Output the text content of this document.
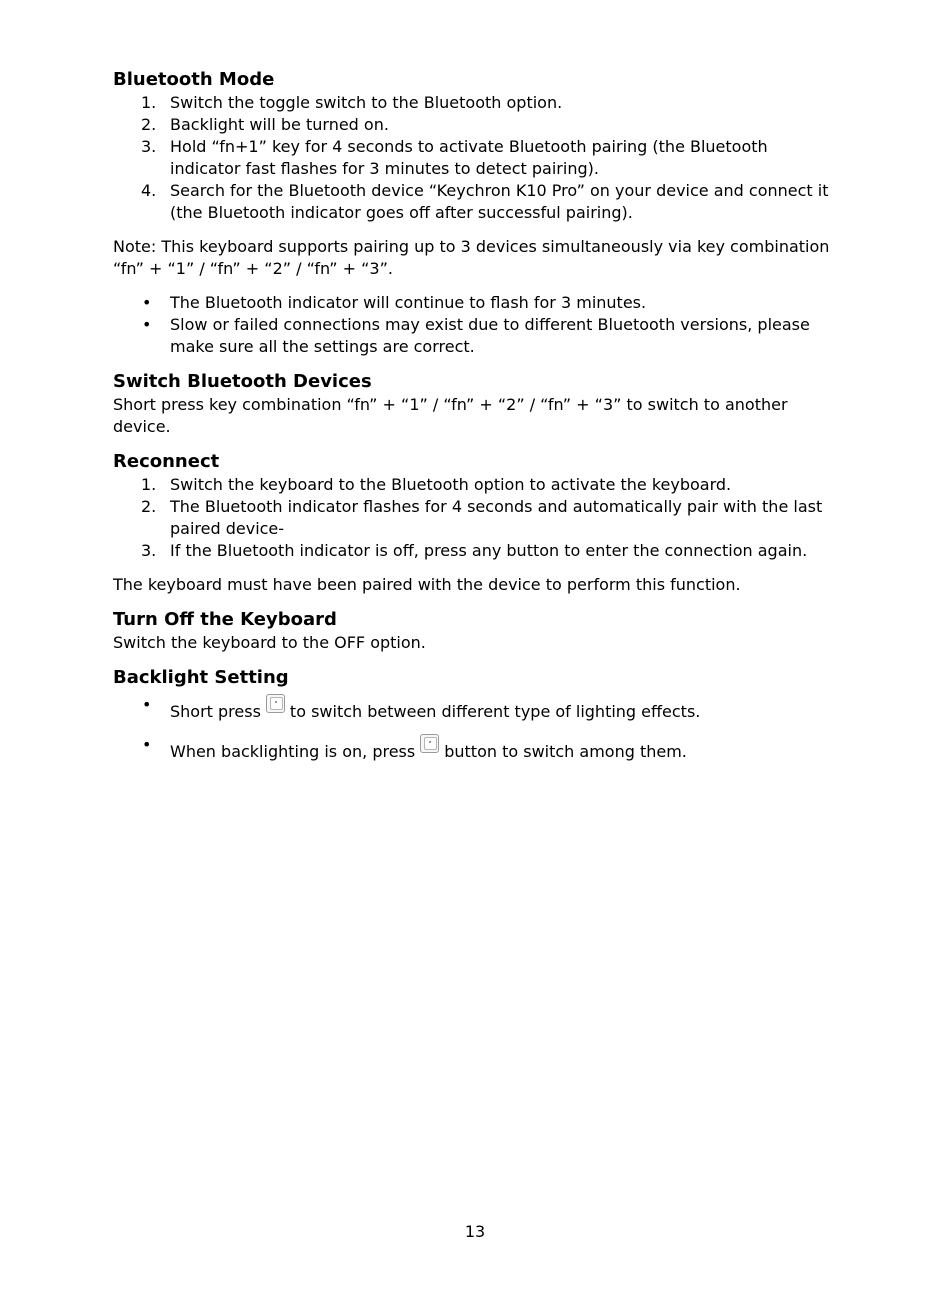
Bluetooth Mode
1. Switch the toggle switch to the Bluetooth option.
2. Backlight will be turned on.
3. Hold “fn+1” key for 4 seconds to activate Bluetooth pairing (the Bluetooth indicator fast flashes for 3 minutes to detect pairing).
4. Search for the Bluetooth device “Keychron K10 Pro” on your device and connect it (the Bluetooth indicator goes off after successful pairing).

Note: This keyboard supports pairing up to 3 devices simultaneously via key combination “fn” + “1” / “fn” + “2” / “fn” + “3”.

• The Bluetooth indicator will continue to flash for 3 minutes.
• Slow or failed connections may exist due to different Bluetooth versions, please make sure all the settings are correct.
Switch Bluetooth Devices

Short press key combination “fn” + “1” / “fn” + “2” / “fn” + “3” to switch to another device.

Reconnect
1. Switch the keyboard to the Bluetooth option to activate the keyboard.
2. The Bluetooth indicator flashes for 4 seconds and automatically pair with the last paired device-
3. If the Bluetooth indicator is off, press any button to enter the connection again.

The keyboard must have been paired with the device to perform this function.

Turn Off the Keyboard

Switch the keyboard to the OFF option.

Backlight Setting
• Short press to switch between different type of lighting effects.
• When backlighting is on, press button to switch among them.
13
